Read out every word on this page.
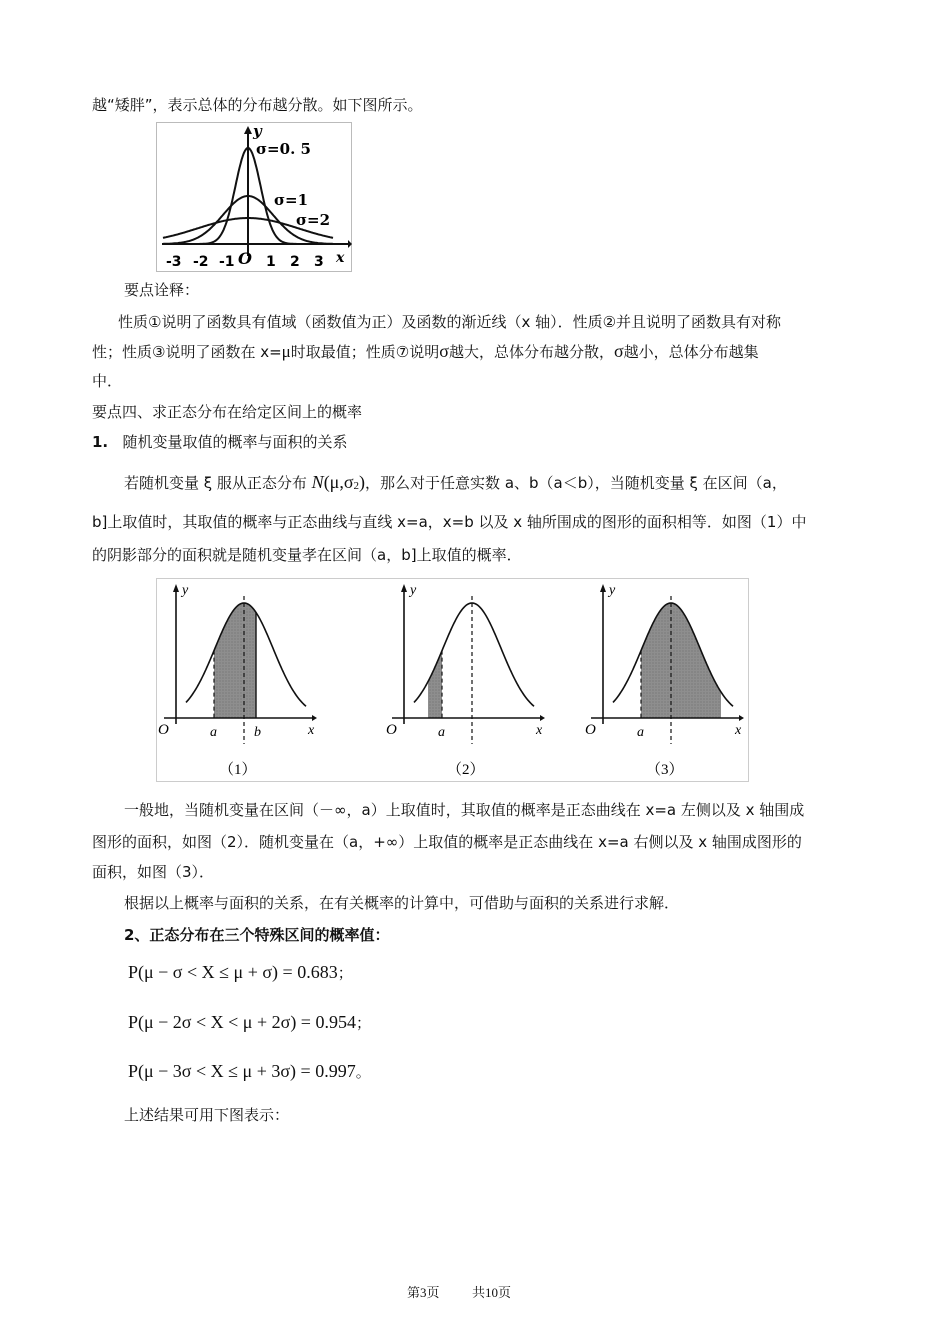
越“矮胖”，表示总体的分布越分散。如下图所示。
y
x
O
-3 -2 -1 1 2 3
σ=0. 5
σ=1
σ=2
要点诠释：
性质①说明了函数具有值域（函数值为正）及函数的渐近线（x 轴）．性质②并且说明了函数具有对称
性；性质③说明了函数在 x=μ时取最值；性质⑦说明σ越大，总体分布越分散，σ越小，总体分布越集
中．
要点四、求正态分布在给定区间上的概率
1. 随机变量取值的概率与面积的关系
若随机变量 ξ 服从正态分布 N(μ,σ2)，那么对于任意实数 a、b（a＜b），当随机变量 ξ 在区间（a，
b]上取值时，其取值的概率与正态曲线与直线 x=a，x=b 以及 x 轴所围成的图形的面积相等．如图（1）中
的阴影部分的面积就是随机变量孝在区间（a，b]上取值的概率．
y
x
O	a	b
（1）
y
x
O	a
（2）
y
x
O	a
（3）
一般地，当随机变量在区间（－∞，a）上取值时，其取值的概率是正态曲线在 x=a 左侧以及 x 轴围成
图形的面积，如图（2）．随机变量在（a，+∞）上取值的概率是正态曲线在 x=a 右侧以及 x 轴围成图形的
面积，如图（3）．
根据以上概率与面积的关系，在有关概率的计算中，可借助与面积的关系进行求解．
2、正态分布在三个特殊区间的概率值：
P(μ − σ < X ≤ μ + σ) = 0.683；
P(μ − 2σ < X < μ + 2σ) = 0.954；
P(μ − 3σ < X ≤ μ + 3σ) = 0.997。
上述结果可用下图表示：
第3页 共10页
